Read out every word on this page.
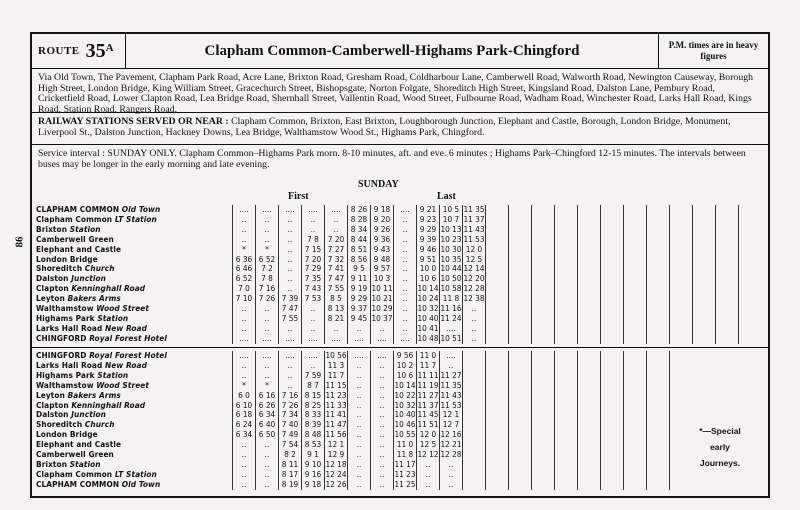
86
ROUTE $35^A$	Clapham Common-Camberwell-Highams Park-Chingford	P.M. times are in heavy figures
Via Old Town, The Pavement, Clapham Park Road, Acre Lane, Brixton Road, Gresham Road, Coldharbour Lane, Camberwell Road, Walworth Road, Newington Causeway, Borough High Street, London Bridge, King William Street, Gracechurch Street, Bishopsgate, Norton Folgate, Shoreditch High Street, Kingsland Road, Dalston Lane, Pembury Road, Cricketfield Road, Lower Clapton Road, Lea Bridge Road, Shernhall Street, Vallentin Road, Wood Street, Fulbourne Road, Wadham Road, Winchester Road, Larks Hall Road, Kings Road, Station Road, Rangers Road.
RAILWAY STATIONS SERVED OR NEAR : Clapham Common, Brixton, East Brixton, Loughborough Junction, Elephant and Castle, Borough, London Bridge, Monument, Liverpool St., Dalston Junction, Hackney Downs, Lea Bridge, Walthamstow Wood St., Highams Park, Chingford.
Service interval : SUNDAY ONLY. Clapham Common–Highams Park morn. 8-10 minutes, aft. and eve. 6 minutes ; Highams Park–Chingford 12-15 minutes. The intervals between buses may be longer in the early morning and late evening.
SUNDAY
First	Last
CLAPHAM COMMON Old Town	....	....	....	....	....	8 26	9 18	....	9 21	10 5	11 35											
Clapham Common LT Station	..	..	..	..	..	8 28	9 20	..	9 23	10 7	11 37											
Brixton Station	..	..	..	..	..	8 34	9 26	..	9 29	10 13	11 43											
Camberwell Green	..	..	..	7 8	7 20	8 44	9 36	..	9 39	10 23	11 53											
Elephant and Castle	*	*	..	7 15	7 27	8 51	9 43	..	9 46	10 30	12 0											
London Bridge	6 36	6 52	..	7 20	7 32	8 56	9 48	..	9 51	10 35	12 5											
Shoreditch Church	6 46	7 2	..	7 29	7 41	9 5	9 57	..	10 0	10 44	12 14											
Dalston Junction	6 52	7 8	..	7 35	7 47	9 11	10 3	..	10 6	10 50	12 20											
Clapton Kenninghall Road	7 0	7 16	..	7 43	7 55	9 19	10 11	..	10 14	10 58	12 28											
Leyton Bakers Arms	7 10	7 26	7 39	7 53	8 5	9 29	10 21	..	10 24	11 8	12 38											
Walthamstow Wood Street	..	..	7 47	..	8 13	9 37	10 29	..	10 32	11 16	..											
Highams Park Station	..	..	7 55	..	8 21	9 45	10 37	..	10 40	11 24	..											
Larks Hall Road New Road	..	..	..	..	..	..	..	..	10 41	....	..											
CHINGFORD Royal Forest Hotel	....	....	....	....	....	....	....	....	10 48	10 51	..											
CHINGFORD Royal Forest Hotel	....	....	....	....	10 56	....	....	9 56	11 0	....									
Larks Hall Road New Road	..	..	..	..	11 3	..	..	10 2	11 7	..									
Highams Park Station	..	..	..	7 59	11 7	..	..	10 6	11 11	11 27									
Walthamstow Wood Street	*	*	..	8 7	11 15	..	..	10 14	11 19	11 35									
Leyton Bakers Arms	6 0	6 16	7 16	8 15	11 23	..	..	10 22	11 27	11 43									
Clapton Kenninghall Road	6 10	6 26	7 26	8 25	11 33	..	..	10 32	11 37	11 53									
Dalston Junction	6 18	6 34	7 34	8 33	11 41	..	..	10 40	11 45	12 1									
Shoreditch Church	6 24	6 40	7 40	8 39	11 47	..	..	10 46	11 51	12 7									
London Bridge	6 34	6 50	7 49	8 48	11 56	..	..	10 55	12 0	12 16									
Elephant and Castle	..	..	7 54	8 53	12 1	..	..	11 0	12 5	12 21									
Camberwell Green	..	..	8 2	9 1	12 9	..	..	11 8	12 12	12 28									
Brixton Station	..	..	8 11	9 10	12 18	..	..	11 17	..	..									
Clapham Common LT Station	..	..	8 17	9 16	12 24	..	..	11 23	..	..									
CLAPHAM COMMON Old Town	..	..	8 19	9 18	12 26	..	..	11 25	..	..									
*—Special
early
Journeys.
